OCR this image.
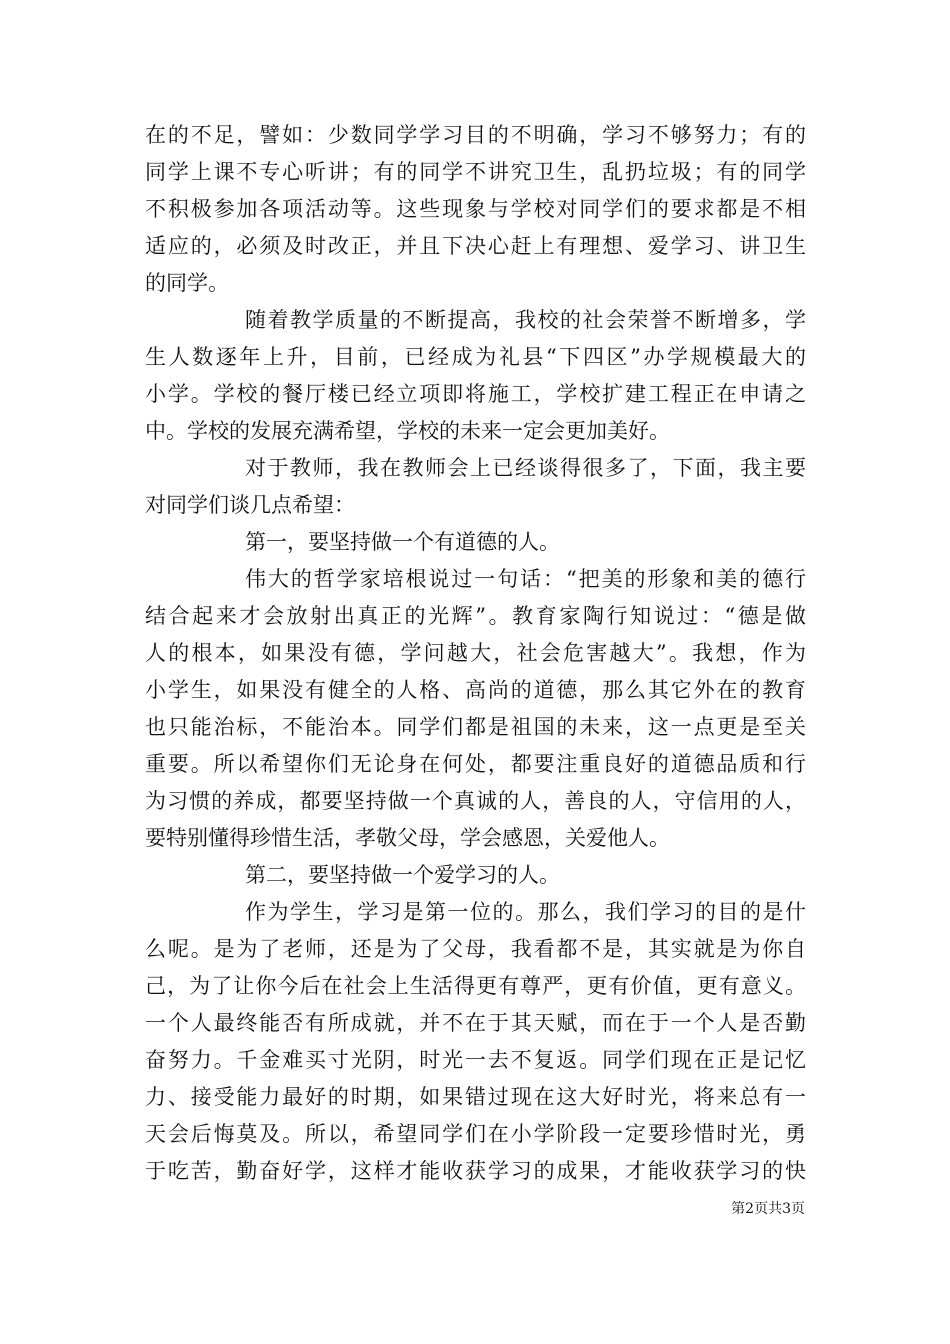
在的不足，譬如：少数同学学习目的不明确，学习不够努力；有的
同学上课不专心听讲；有的同学不讲究卫生，乱扔垃圾；有的同学
不积极参加各项活动等。这些现象与学校对同学们的要求都是不相
适应的，必须及时改正，并且下决心赶上有理想、爱学习、讲卫生
的同学。
随着教学质量的不断提高，我校的社会荣誉不断增多，学
生人数逐年上升，目前，已经成为礼县“下四区”办学规模最大的
小学。学校的餐厅楼已经立项即将施工，学校扩建工程正在申请之
中。学校的发展充满希望，学校的未来一定会更加美好。
对于教师，我在教师会上已经谈得很多了，下面，我主要
对同学们谈几点希望：
第一，要坚持做一个有道德的人。
伟大的哲学家培根说过一句话：“把美的形象和美的德行
结合起来才会放射出真正的光辉”。教育家陶行知说过：“德是做
人的根本，如果没有德，学问越大，社会危害越大”。我想，作为
小学生，如果没有健全的人格、高尚的道德，那么其它外在的教育
也只能治标，不能治本。同学们都是祖国的未来，这一点更是至关
重要。所以希望你们无论身在何处，都要注重良好的道德品质和行
为习惯的养成，都要坚持做一个真诚的人，善良的人，守信用的人，
要特别懂得珍惜生活，孝敬父母，学会感恩，关爱他人。
第二，要坚持做一个爱学习的人。
作为学生，学习是第一位的。那么，我们学习的目的是什
么呢。是为了老师，还是为了父母，我看都不是，其实就是为你自
己，为了让你今后在社会上生活得更有尊严，更有价值，更有意义。
一个人最终能否有所成就，并不在于其天赋，而在于一个人是否勤
奋努力。千金难买寸光阴，时光一去不复返。同学们现在正是记忆
力、接受能力最好的时期，如果错过现在这大好时光，将来总有一
天会后悔莫及。所以，希望同学们在小学阶段一定要珍惜时光，勇
于吃苦，勤奋好学，这样才能收获学习的成果，才能收获学习的快
第2页共3页
